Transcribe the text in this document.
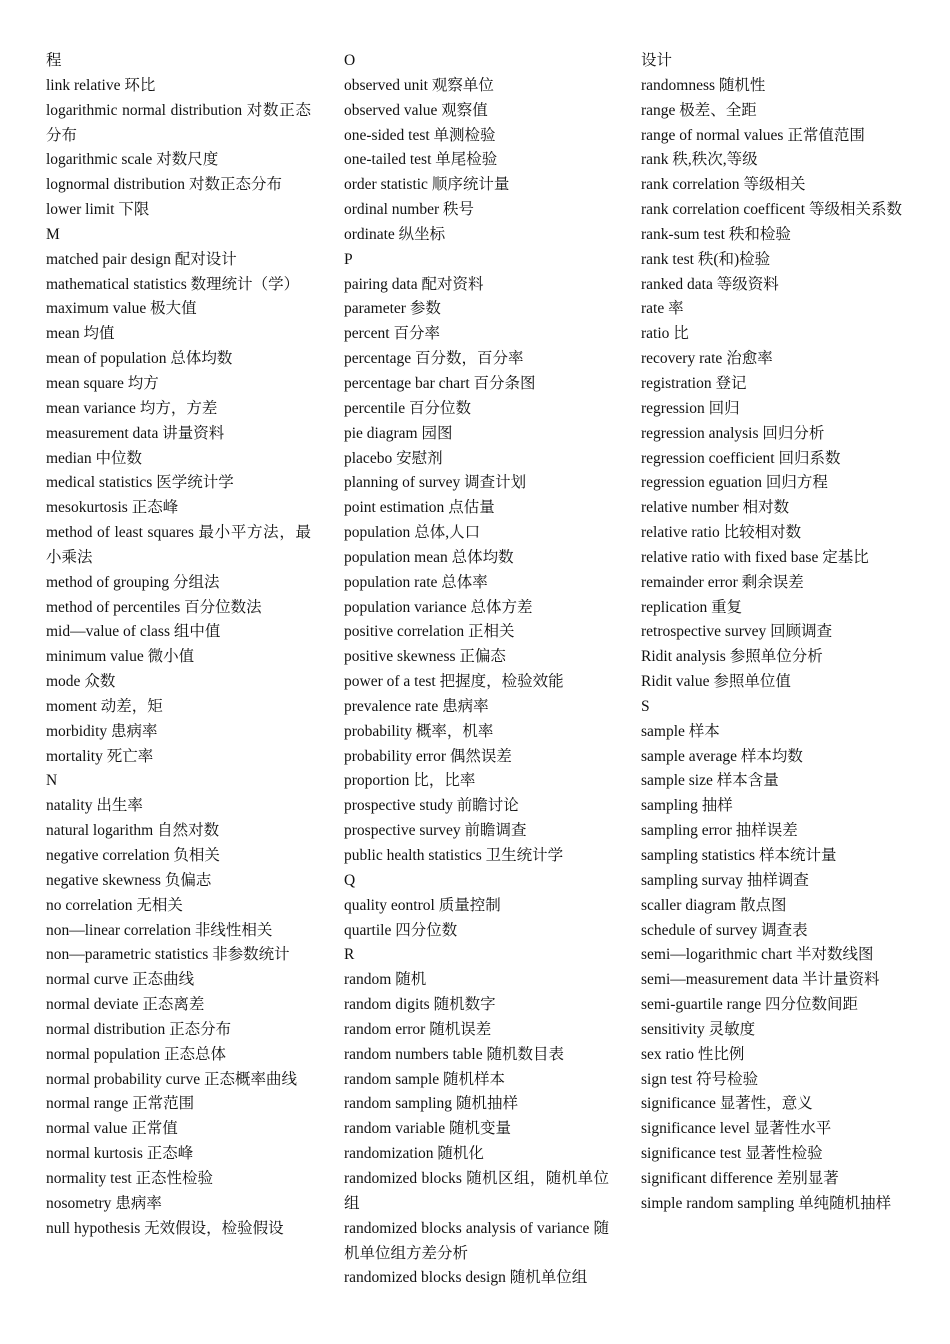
程
link relative 环比
logarithmic normal distribution 对数正态分布
logarithmic scale 对数尺度
lognormal distribution 对数正态分布
lower limit 下限
M
matched pair design 配对设计
mathematical statistics 数理统计（学）
maximum value 极大值
mean 均值
mean of population 总体均数
mean square 均方
mean variance 均方，方差
measurement data 讲量资料
median 中位数
medical statistics 医学统计学
mesokurtosis 正态峰
method of least squares 最小平方法，最小乘法
method of grouping 分组法
method of percentiles 百分位数法
mid—value of class 组中值
minimum value 微小值
mode 众数
moment 动差，矩
morbidity 患病率
mortality 死亡率
N
natality 出生率
natural logarithm 自然对数
negative correlation 负相关
negative skewness 负偏志
no correlation 无相关
non—linear correlation 非线性相关
non—parametric statistics 非参数统计
normal curve 正态曲线
normal deviate 正态离差
normal distribution 正态分布
normal population 正态总体
normal probability curve 正态概率曲线
normal range 正常范围
normal value 正常值
normal kurtosis 正态峰
normality test 正态性检验
nosometry 患病率
null hypothesis 无效假设，检验假设
O
observed unit 观察单位
observed value 观察值
one-sided test 单测检验
one-tailed test 单尾检验
order statistic 顺序统计量
ordinal number 秩号
ordinate 纵坐标
P
pairing data 配对资料
parameter 参数
percent 百分率
percentage 百分数，百分率
percentage bar chart 百分条图
percentile 百分位数
pie diagram 园图
placebo 安慰剂
planning of survey 调查计划
point estimation 点估量
population 总体,人口
population mean 总体均数
population rate 总体率
population variance 总体方差
positive correlation 正相关
positive skewness 正偏态
power of a test 把握度，检验效能
prevalence rate 患病率
probability 概率，机率
probability error 偶然误差
proportion 比，比率
prospective study 前瞻讨论
prospective survey 前瞻调查
public health statistics 卫生统计学
Q
quality eontrol 质量控制
quartile 四分位数
R
random 随机
random digits 随机数字
random error 随机误差
random numbers table 随机数目表
random sample 随机样本
random sampling 随机抽样
random variable 随机变量
randomization 随机化
randomized blocks 随机区组，随机单位组
randomized blocks analysis of variance 随机单位组方差分析
randomized blocks design 随机单位组
设计
randomness 随机性
range 极差、全距
range of normal values 正常值范围
rank 秩,秩次,等级
rank correlation 等级相关
rank correlation coefficent 等级相关系数
rank-sum test 秩和检验
rank test 秩(和)检验
ranked data 等级资料
rate 率
ratio 比
recovery rate 治愈率
registration 登记
regression 回归
regression analysis 回归分析
regression coefficient 回归系数
regression eguation 回归方程
relative number 相对数
relative ratio 比较相对数
relative ratio with fixed base 定基比
remainder error 剩余误差
replication 重复
retrospective survey 回顾调查
Ridit analysis 参照单位分析
Ridit value 参照单位值
S
sample 样本
sample average 样本均数
sample size 样本含量
sampling 抽样
sampling error 抽样误差
sampling statistics 样本统计量
sampling survay 抽样调查
scaller diagram 散点图
schedule of survey 调查表
semi—logarithmic chart 半对数线图
semi—measurement data 半计量资料
semi-guartile range 四分位数间距
sensitivity 灵敏度
sex ratio 性比例
sign test 符号检验
significance 显著性，意义
significance level 显著性水平
significance test 显著性检验
significant difference 差别显著
simple random sampling 单纯随机抽样
